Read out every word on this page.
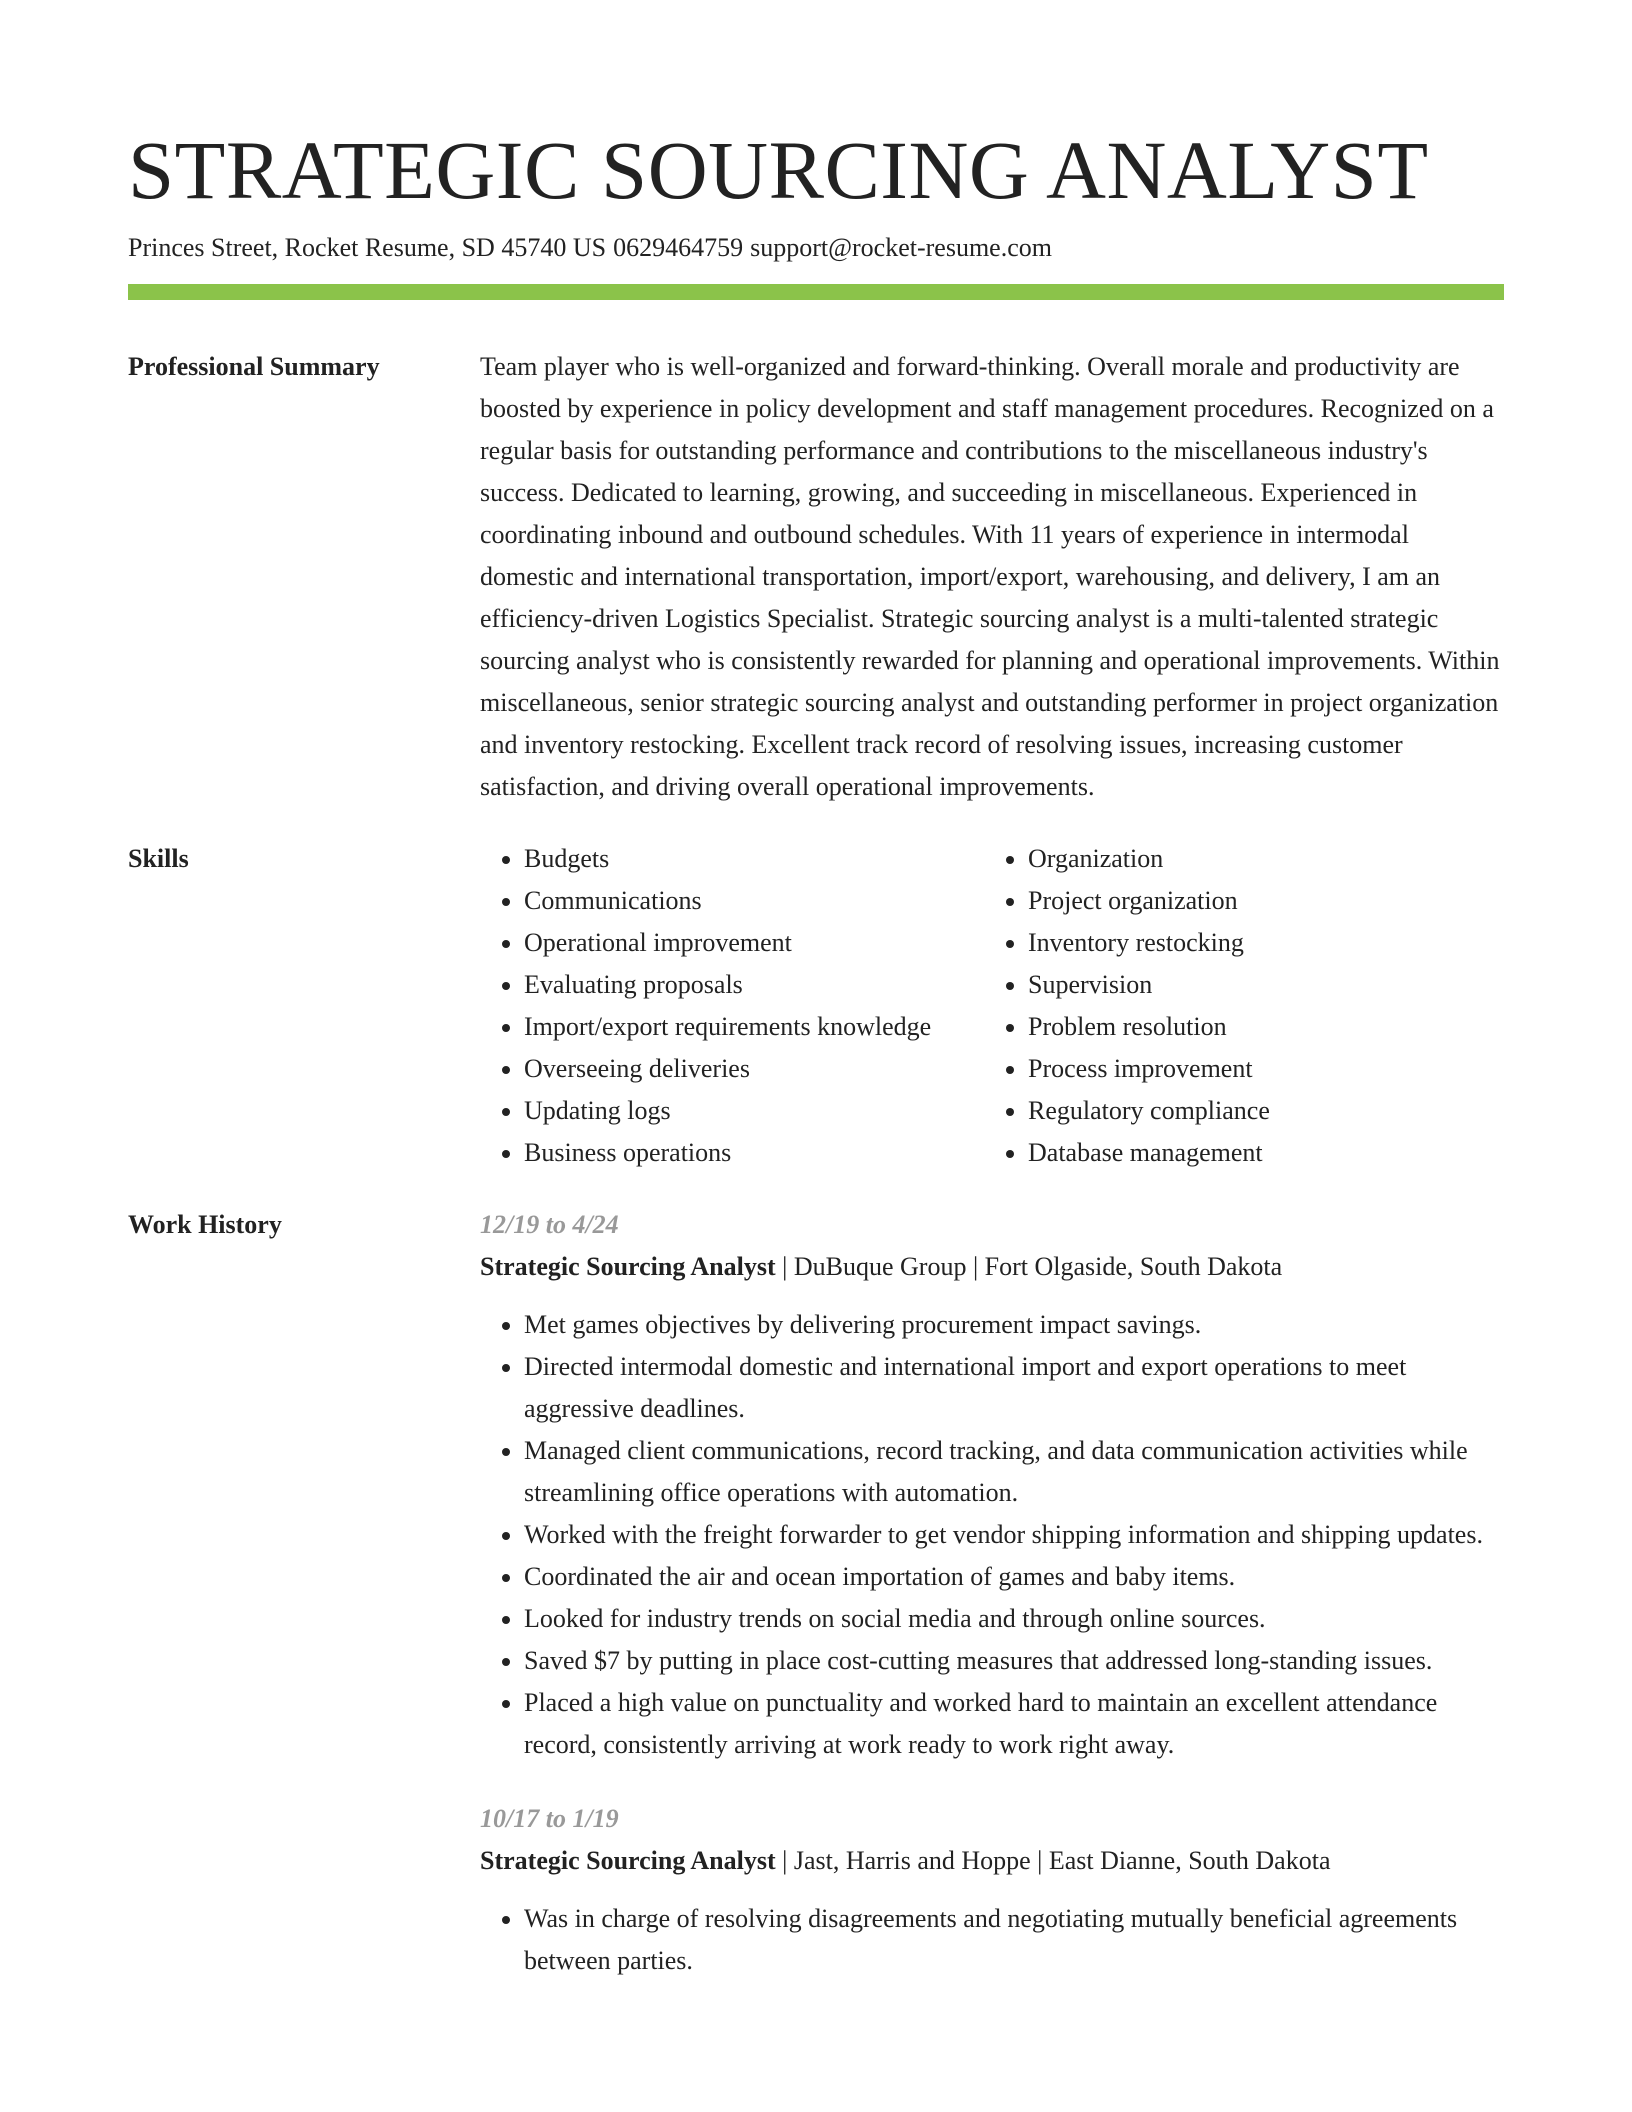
STRATEGIC SOURCING ANALYST
Princes Street, Rocket Resume, SD 45740 US 0629464759 support@rocket-resume.com
Professional Summary	Team player who is well-organized and forward-thinking. Overall morale and productivity are boosted by experience in policy development and staff management procedures. Recognized on a regular basis for outstanding performance and contributions to the miscellaneous industry's success. Dedicated to learning, growing, and succeeding in miscellaneous. Experienced in coordinating inbound and outbound schedules. With 11 years of experience in intermodal domestic and international transportation, import/export, warehousing, and delivery, I am an efficiency-driven Logistics Specialist. Strategic sourcing analyst is a multi-talented strategic sourcing analyst who is consistently rewarded for planning and operational improvements. Within miscellaneous, senior strategic sourcing analyst and outstanding performer in project organization and inventory restocking. Excellent track record of resolving issues, increasing customer satisfaction, and driving overall operational improvements.

Skills
•	Budgets
• Communications
• Operational improvement
• Evaluating proposals
• Import/export requirements knowledge
• Overseeing deliveries
• Updating logs
• Business operations
• Organization
• Project organization
• Inventory restocking
• Supervision
• Problem resolution
• Process improvement
• Regulatory compliance
• Database management
Work History	12/19 to 4/24
Strategic Sourcing Analyst | DuBuque Group | Fort Olgaside, South Dakota
• Met games objectives by delivering procurement impact savings.
• Directed intermodal domestic and international import and export operations to meet aggressive deadlines.
• Managed client communications, record tracking, and data communication activities while streamlining office operations with automation.
• Worked with the freight forwarder to get vendor shipping information and shipping updates.
• Coordinated the air and ocean importation of games and baby items.
• Looked for industry trends on social media and through online sources.
• Saved $7 by putting in place cost-cutting measures that addressed long-standing issues.
• Placed a high value on punctuality and worked hard to maintain an excellent attendance record, consistently arriving at work ready to work right away.
10/17 to 1/19
Strategic Sourcing Analyst | Jast, Harris and Hoppe | East Dianne, South Dakota
• Was in charge of resolving disagreements and negotiating mutually beneficial agreements between parties.
